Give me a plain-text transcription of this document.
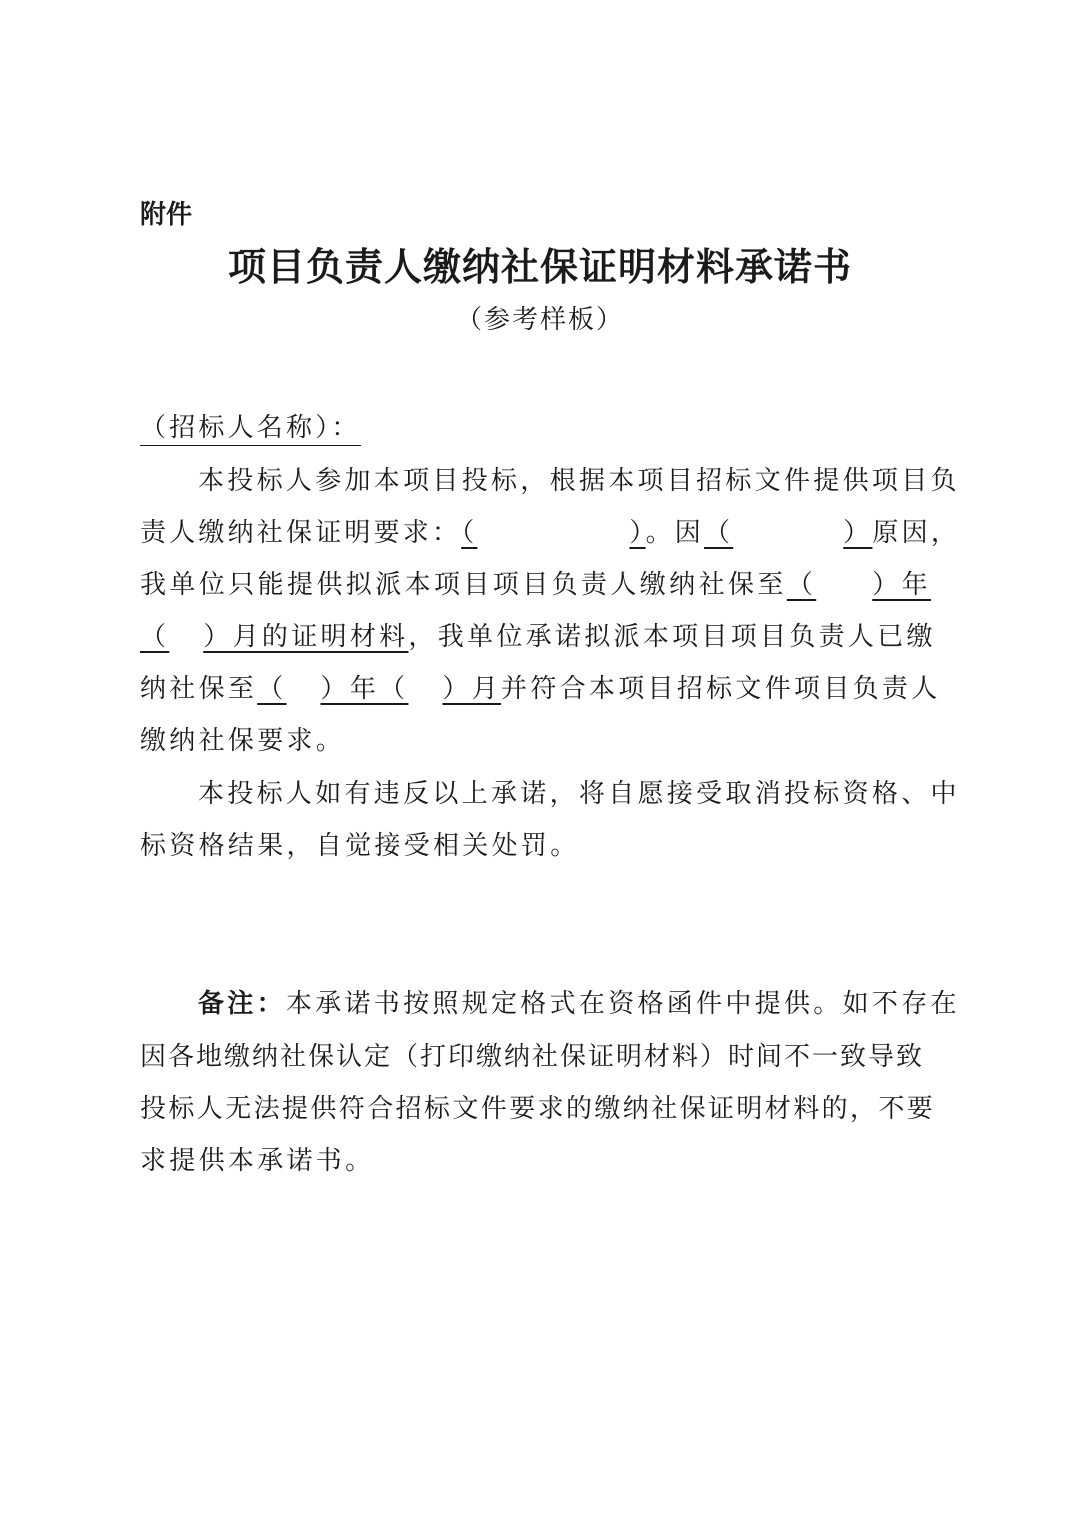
附件

项目负责人缴纳社保证明材料承诺书

（参考样板）

（招标人名称）：

本投标人参加本项目投标，根据本项目招标文件提供项目负

责人缴纳社保证明要求：（	）。因（	）原因，

我单位只能提供拟派本项目项目负责人缴纳社保至（ ）年

（ ）月的证明材料，我单位承诺拟派本项目项目负责人已缴

纳社保至（ ）年（ ）月并符合本项目招标文件项目负责人

缴纳社保要求。

本投标人如有违反以上承诺，将自愿接受取消投标资格、中

标资格结果，自觉接受相关处罚。

备注：本承诺书按照规定格式在资格函件中提供。如不存在

因各地缴纳社保认定（打印缴纳社保证明材料）时间不一致导致

投标人无法提供符合招标文件要求的缴纳社保证明材料的，不要

求提供本承诺书。
